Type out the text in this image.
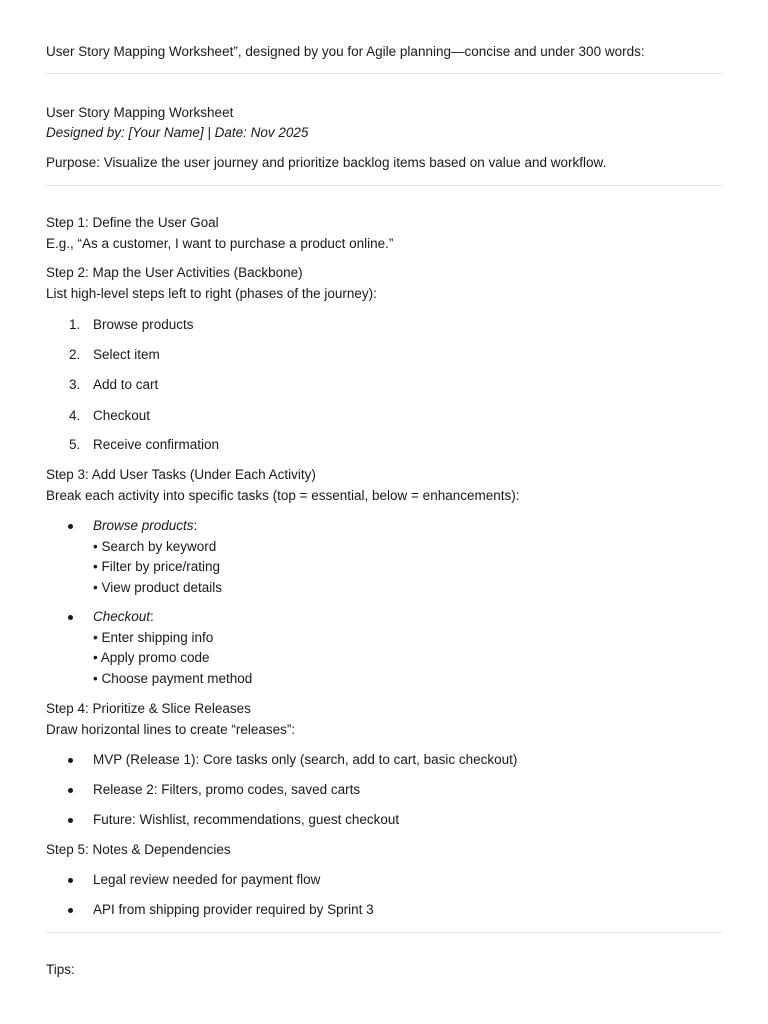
User Story Mapping Worksheet”, designed by you for Agile planning—concise and under 300 words:
User Story Mapping Worksheet
Designed by: [Your Name] | Date: Nov 2025
Purpose: Visualize the user journey and prioritize backlog items based on value and workflow.
Step 1: Define the User Goal
E.g., “As a customer, I want to purchase a product online.”
Step 2: Map the User Activities (Backbone)
List high-level steps left to right (phases of the journey):
1. Browse products
2. Select item
3. Add to cart
4. Checkout
5. Receive confirmation
Step 3: Add User Tasks (Under Each Activity)
Break each activity into specific tasks (top = essential, below = enhancements):
Browse products:
• Search by keyword
• Filter by price/rating
• View product details
Checkout:
• Enter shipping info
• Apply promo code
• Choose payment method
Step 4: Prioritize & Slice Releases
Draw horizontal lines to create “releases”:
MVP (Release 1): Core tasks only (search, add to cart, basic checkout)
Release 2: Filters, promo codes, saved carts
Future: Wishlist, recommendations, guest checkout
Step 5: Notes & Dependencies
Legal review needed for payment flow
API from shipping provider required by Sprint 3
Tips:
